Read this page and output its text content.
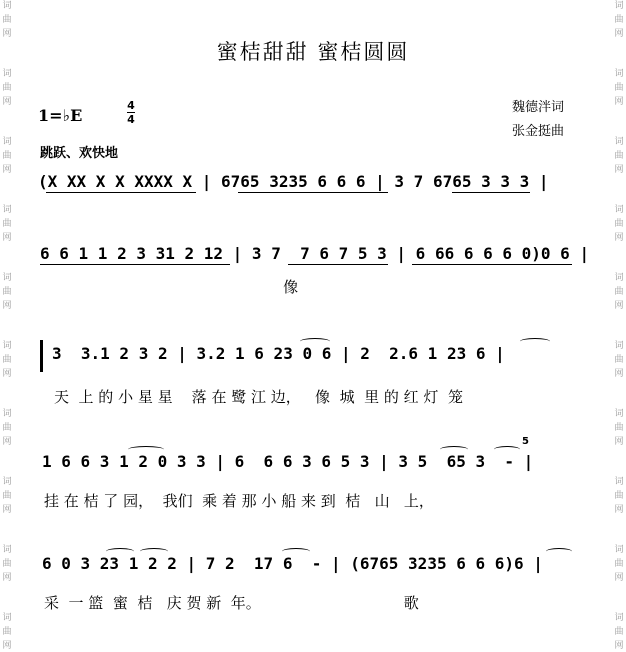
词
曲
网
词
曲
网
词
曲
网
词
曲
网
词
曲
网
词
曲
网
词
曲
网
词
曲
网
词
曲
网
词
曲
网
词
曲
网
词
曲
网
词
曲
网
词
曲
网
词
曲
网
词
曲
网
词
曲
网
词
曲
网
词
曲
网
词
曲
网
蜜桔甜甜 蜜桔圆圆
1=♭E
4
4
魏德泮词
张金挺曲
跳跃、欢快地
(X XX X X XXXX X | 6765 3235 6 6 6 | 3 7 6765 3 3 3 |
6 6 1 1 2 3 31 2 12 | 3 7  7 6 7 5 3 | 6 66 6 6 6 0)0 6 |
像
3  3.1 2 3 2 | 3.2 1 6 23 0 6 | 2  2.6 1 23 6 |
天  上 的 小 星 星    落 在 鹭 江 边，   像  城  里 的 红 灯  笼
1 6 6 3 1 2 0 3 3 | 6  6 6 3 6 5 3 | 3 5  65 3  - |
5
挂 在 桔 了 园，  我们  乘 着 那 小 船 来 到  桔   山   上，
6 0 3 23 1 2 2 | 7 2  17 6  - | (6765 3235 6 6 6)6 |
采  一 篮  蜜  桔   庆 贺 新  年。                              歌
